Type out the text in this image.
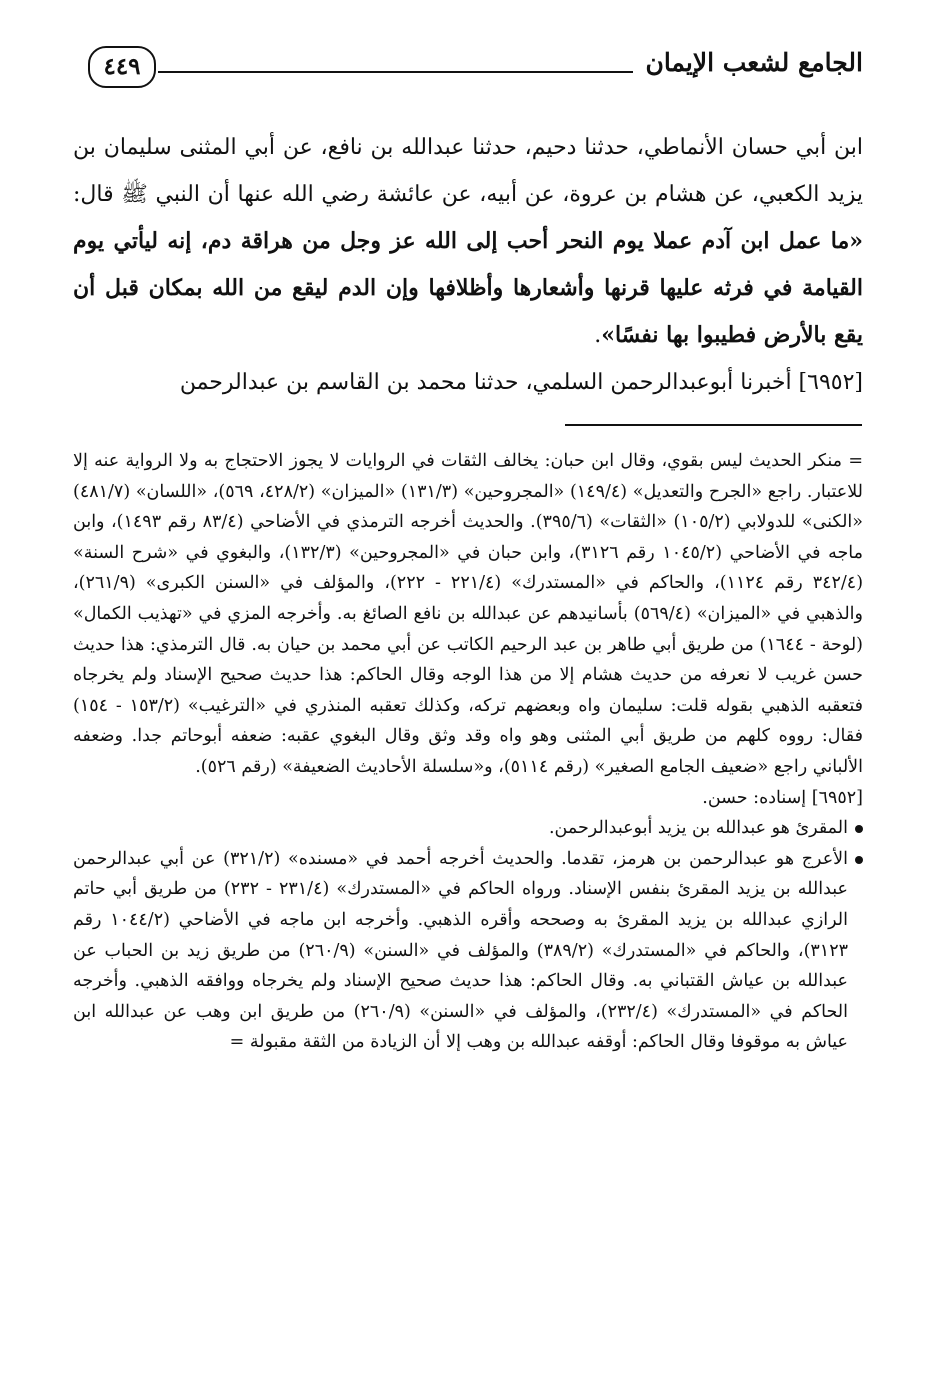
الجامع لشعب الإيمان
٤٤٩

ابن أبي حسان الأنماطي، حدثنا دحيم، حدثنا عبدالله بن نافع، عن أبي المثنى سليمان بن يزيد الكعبي، عن هشام بن عروة، عن أبيه، عن عائشة رضي الله عنها أن النبي ﷺ قال: «ما عمل ابن آدم عملا يوم النحر أحب إلى الله عز وجل من هراقة دم، إنه ليأتي يوم القيامة في فرثه عليها قرنها وأشعارها وأظلافها وإن الدم ليقع من الله بمكان قبل أن يقع بالأرض فطيبوا بها نفسًا».

[٦٩٥٢] أخبرنا أبوعبدالرحمن السلمي، حدثنا محمد بن القاسم بن عبدالرحمن

= منكر الحديث ليس بقوي، وقال ابن حبان: يخالف الثقات في الروايات لا يجوز الاحتجاج به ولا الرواية عنه إلا للاعتبار. راجع «الجرح والتعديل» (١٤٩/٤) «المجروحين» (١٣١/٣) «الميزان» (٤٢٨/٢، ٥٦٩)، «اللسان» (٤٨١/٧) «الكنى» للدولابي (١٠٥/٢) «الثقات» (٣٩٥/٦). والحديث أخرجه الترمذي في الأضاحي (٨٣/٤ رقم ١٤٩٣)، وابن ماجه في الأضاحي (١٠٤٥/٢ رقم ٣١٢٦)، وابن حبان في «المجروحين» (١٣٢/٣)، والبغوي في «شرح السنة» (٣٤٢/٤ رقم ١١٢٤)، والحاكم في «المستدرك» (٢٢١/٤ - ٢٢٢)، والمؤلف في «السنن الكبرى» (٢٦١/٩)، والذهبي في «الميزان» (٥٦٩/٤) بأسانيدهم عن عبدالله بن نافع الصائغ به. وأخرجه المزي في «تهذيب الكمال» (لوحة - ١٦٤٤) من طريق أبي طاهر بن عبد الرحيم الكاتب عن أبي محمد بن حيان به. قال الترمذي: هذا حديث حسن غريب لا نعرفه من حديث هشام إلا من هذا الوجه وقال الحاكم: هذا حديث صحيح الإسناد ولم يخرجاه فتعقبه الذهبي بقوله قلت: سليمان واه وبعضهم تركه، وكذلك تعقبه المنذري في «الترغيب» (١٥٣/٢ - ١٥٤) فقال: رووه كلهم من طريق أبي المثنى وهو واه وقد وثق وقال البغوي عقبه: ضعفه أبوحاتم جدا. وضعفه الألباني راجع «ضعيف الجامع الصغير» (رقم ٥١١٤)، و«سلسلة الأحاديث الضعيفة» (رقم ٥٢٦).

[٦٩٥٢] إسناده: حسن.

المقرئ هو عبدالله بن يزيد أبوعبدالرحمن.
الأعرج هو عبدالرحمن بن هرمز، تقدما. والحديث أخرجه أحمد في «مسنده» (٣٢١/٢) عن أبي عبدالرحمن عبدالله بن يزيد المقرئ بنفس الإسناد. ورواه الحاكم في «المستدرك» (٢٣١/٤ - ٢٣٢) من طريق أبي حاتم الرازي عبدالله بن يزيد المقرئ به وصححه وأقره الذهبي. وأخرجه ابن ماجه في الأضاحي (١٠٤٤/٢ رقم ٣١٢٣)، والحاكم في «المستدرك» (٣٨٩/٢) والمؤلف في «السنن» (٢٦٠/٩) من طريق زيد بن الحباب عن عبدالله بن عياش القتباني به. وقال الحاكم: هذا حديث صحيح الإسناد ولم يخرجاه ووافقه الذهبي. وأخرجه الحاكم في «المستدرك» (٢٣٢/٤)، والمؤلف في «السنن» (٢٦٠/٩) من طريق ابن وهب عن عبدالله ابن عياش به موقوفا وقال الحاكم: أوقفه عبدالله بن وهب إلا أن الزيادة من الثقة مقبولة =
